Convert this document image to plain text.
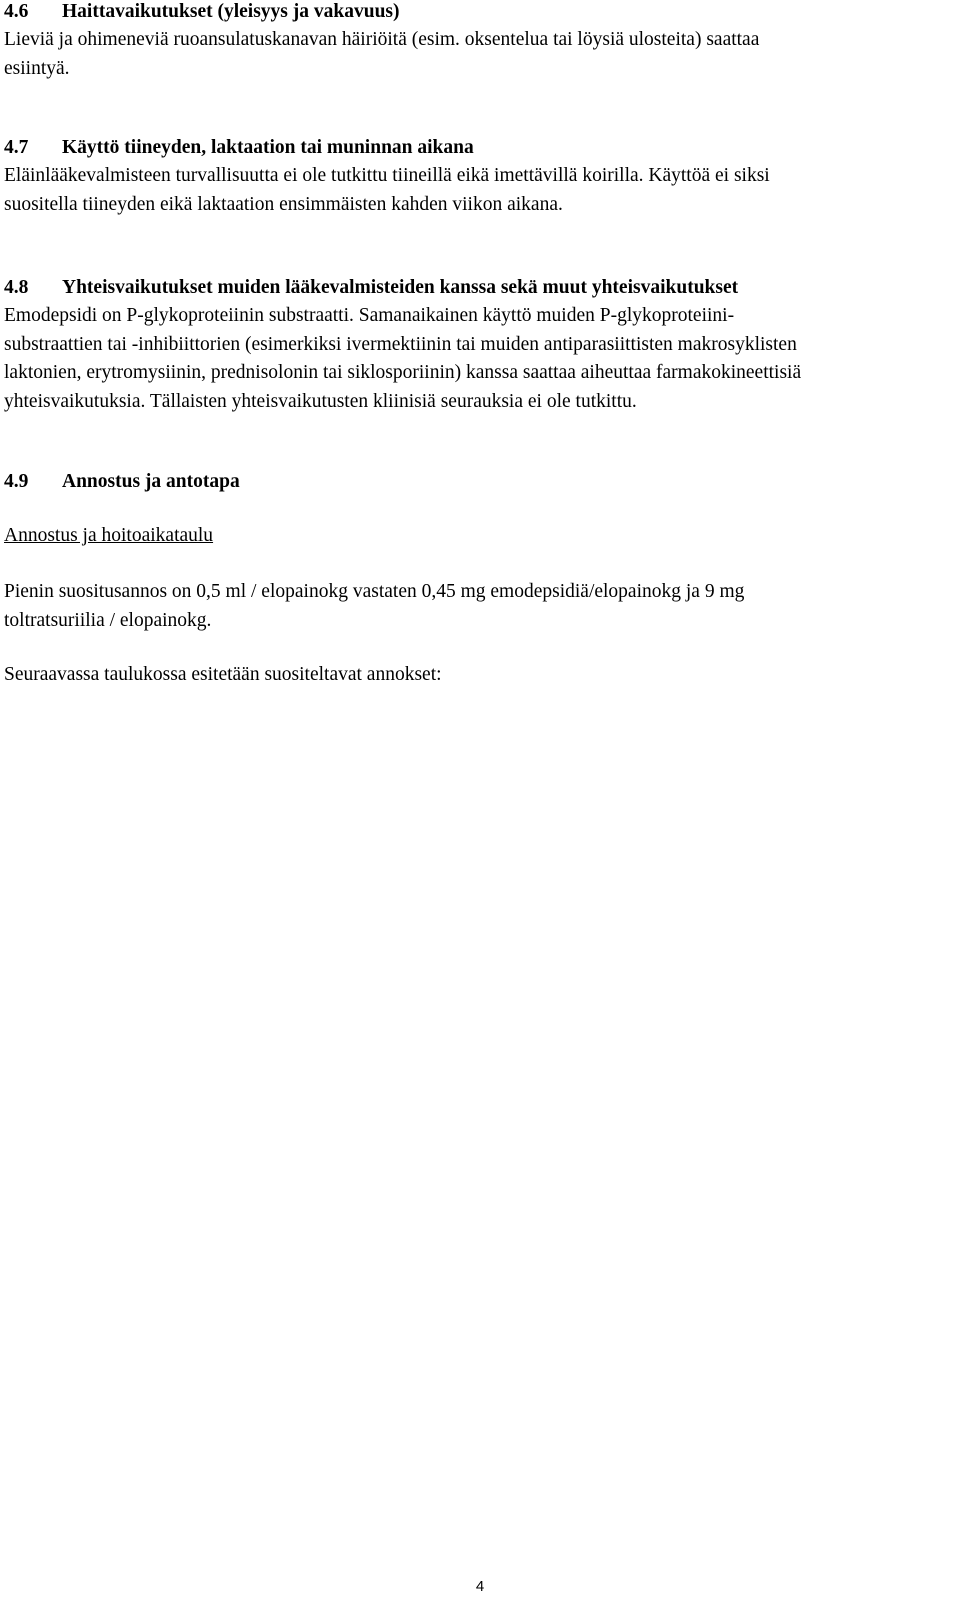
4.6 Haittavaikutukset (yleisyys ja vakavuus)
Lieviä ja ohimeneviä ruoansulatuskanavan häiriöitä (esim. oksentelua tai löysiä ulosteita) saattaa
esiintyä.
4.7 Käyttö tiineyden, laktaation tai muninnan aikana
Eläinlääkevalmisteen turvallisuutta ei ole tutkittu tiineillä eikä imettävillä koirilla. Käyttöä ei siksi
suositella tiineyden eikä laktaation ensimmäisten kahden viikon aikana.
4.8 Yhteisvaikutukset muiden lääkevalmisteiden kanssa sekä muut yhteisvaikutukset
Emodepsidi on P-glykoproteiinin substraatti. Samanaikainen käyttö muiden P-glykoproteiini-
substraattien tai -inhibiittorien (esimerkiksi ivermektiinin tai muiden antiparasiittisten makrosyklisten
laktonien, erytromysiinin, prednisolonin tai siklosporiinin) kanssa saattaa aiheuttaa farmakokineettisiä
yhteisvaikutuksia. Tällaisten yhteisvaikutusten kliinisiä seurauksia ei ole tutkittu.
4.9 Annostus ja antotapa
Annostus ja hoitoaikataulu
Pienin suositusannos on 0,5 ml / elopainokg vastaten 0,45 mg emodepsidiä/elopainokg ja 9 mg
toltratsuriilia / elopainokg.
Seuraavassa taulukossa esitetään suositeltavat annokset:
4
